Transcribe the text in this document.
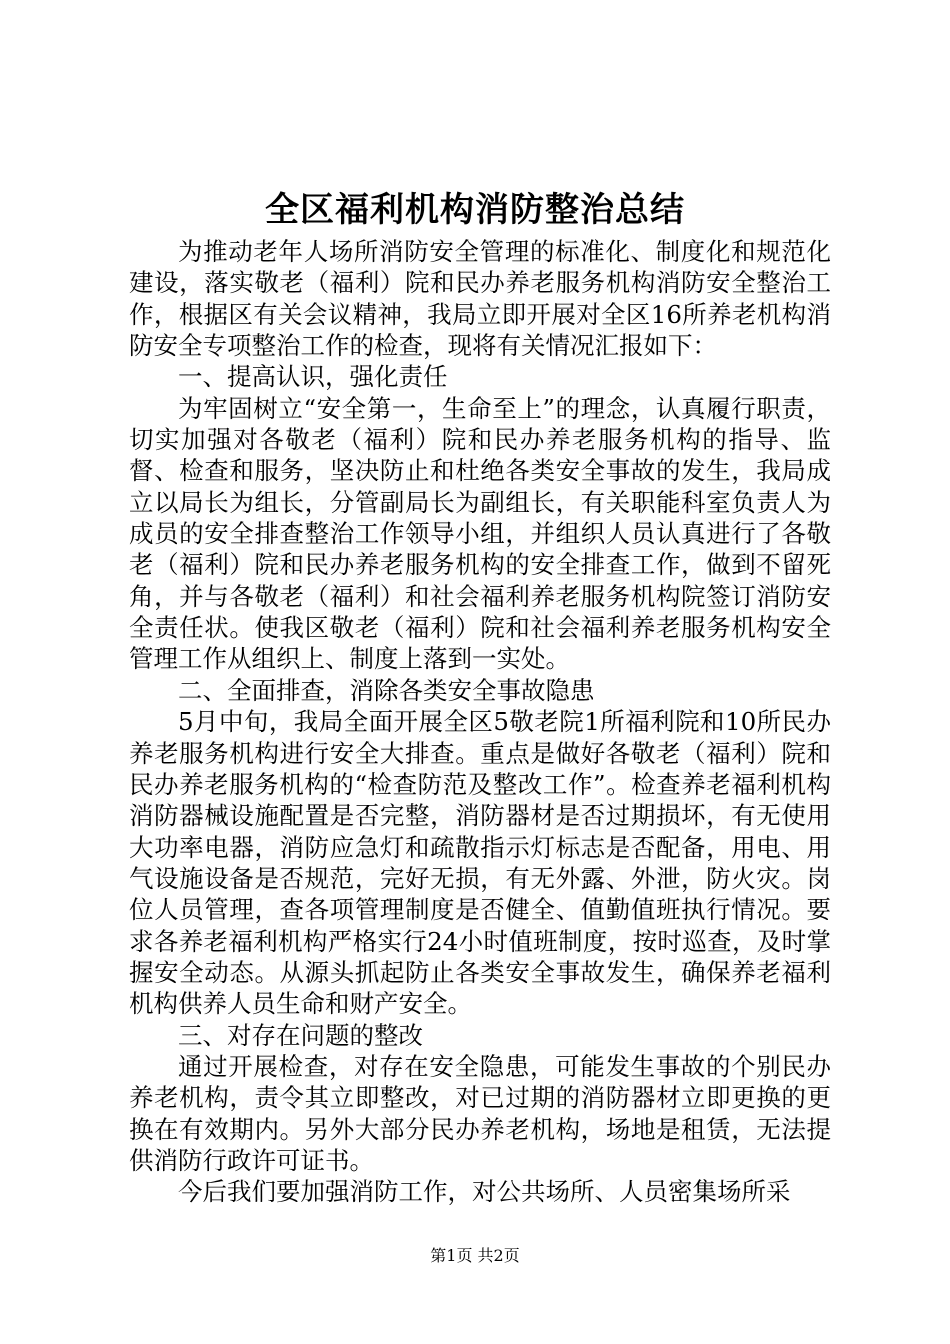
全区福利机构消防整治总结

为推动老年人场所消防安全管理的标准化、制度化和规范化建设，落实敬老（福利）院和民办养老服务机构消防安全整治工作，根据区有关会议精神，我局立即开展对全区16所养老机构消防安全专项整治工作的检查，现将有关情况汇报如下：

一、提高认识，强化责任

为牢固树立“安全第一，生命至上”的理念，认真履行职责，切实加强对各敬老（福利）院和民办养老服务机构的指导、监督、检查和服务，坚决防止和杜绝各类安全事故的发生，我局成立以局长为组长，分管副局长为副组长，有关职能科室负责人为成员的安全排查整治工作领导小组，并组织人员认真进行了各敬老（福利）院和民办养老服务机构的安全排查工作，做到不留死角，并与各敬老（福利）和社会福利养老服务机构院签订消防安全责任状。使我区敬老（福利）院和社会福利养老服务机构安全管理工作从组织上、制度上落到一实处。

二、全面排查，消除各类安全事故隐患

5月中旬，我局全面开展全区5敬老院1所福利院和10所民办养老服务机构进行安全大排查。重点是做好各敬老（福利）院和民办养老服务机构的“检查防范及整改工作”。检查养老福利机构消防器械设施配置是否完整，消防器材是否过期损坏，有无使用大功率电器，消防应急灯和疏散指示灯标志是否配备，用电、用气设施设备是否规范，完好无损，有无外露、外泄，防火灾。岗位人员管理，查各项管理制度是否健全、值勤值班执行情况。要求各养老福利机构严格实行24小时值班制度，按时巡查，及时掌握安全动态。从源头抓起防止各类安全事故发生，确保养老福利机构供养人员生命和财产安全。

三、对存在问题的整改

通过开展检查，对存在安全隐患，可能发生事故的个别民办养老机构，责令其立即整改，对已过期的消防器材立即更换的更换在有效期内。另外大部分民办养老机构，场地是租赁，无法提供消防行政许可证书。

今后我们要加强消防工作，对公共场所、人员密集场所采

第1页 共2页
